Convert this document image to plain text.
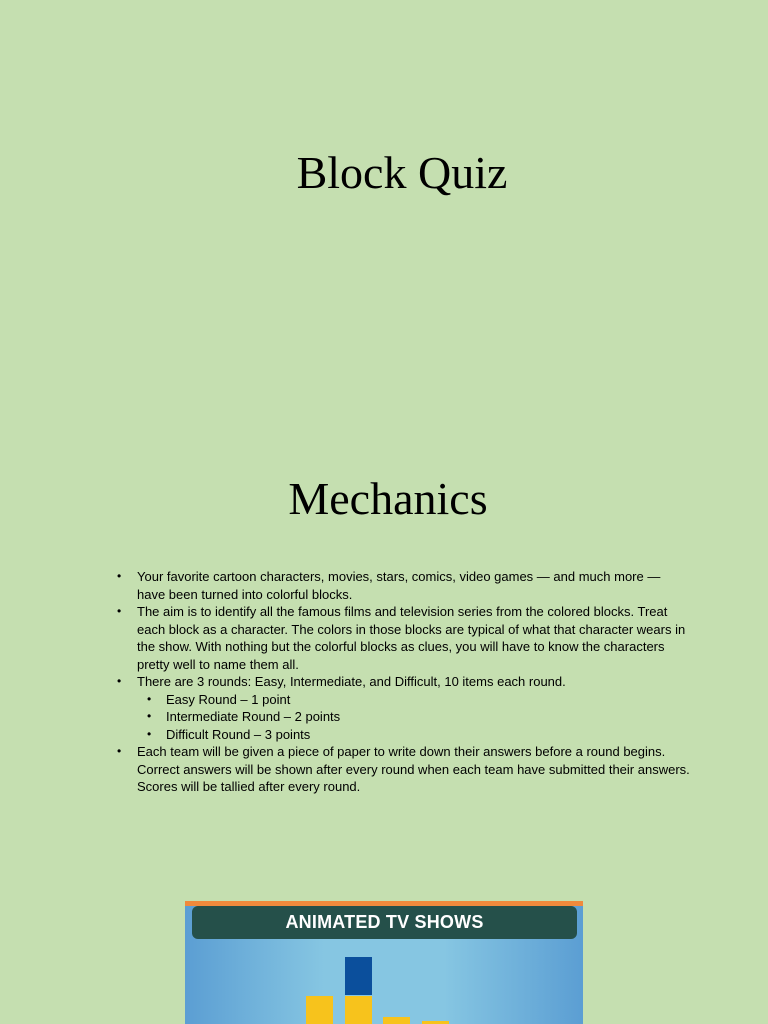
Block Quiz
Mechanics
• Your favorite cartoon characters, movies, stars, comics, video games — and much more — have been turned into colorful blocks.
• The aim is to identify all the famous films and television series from the colored blocks. Treat each block as a character. The colors in those blocks are typical of what that character wears in the show. With nothing but the colorful blocks as clues, you will have to know the characters pretty well to name them all.
• There are 3 rounds: Easy, Intermediate, and Difficult, 10 items each round.
• Easy Round – 1 point
• Intermediate Round – 2 points
• Difficult Round – 3 points
• Each team will be given a piece of paper to write down their answers before a round begins. Correct answers will be shown after every round when each team have submitted their answers. Scores will be tallied after every round.
ANIMATED TV SHOWS
